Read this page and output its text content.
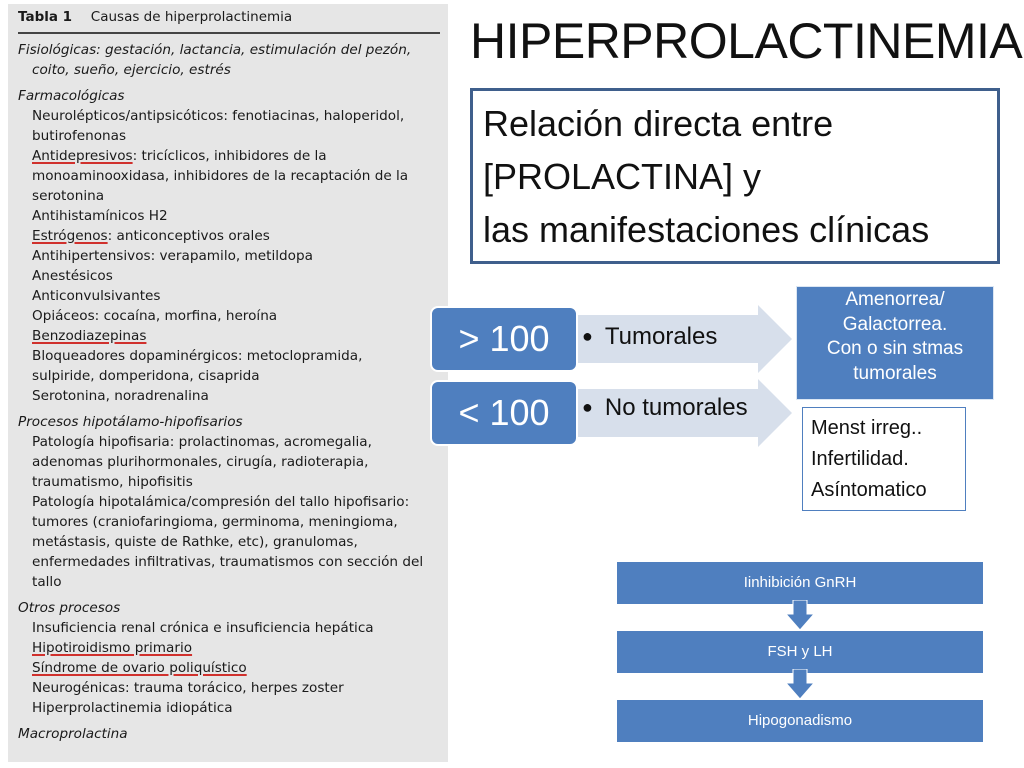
Tabla 1 Causas de hiperprolactinemia
Fisiológicas: gestación, lactancia, estimulación del pezón,
coito, sueño, ejercicio, estrés
Farmacológicas
Neurolépticos/antipsicóticos: fenotiacinas, haloperidol,
butirofenonas
Antidepresivos: tricíclicos, inhibidores de la
monoaminooxidasa, inhibidores de la recaptación de la
serotonina
Antihistamínicos H2
Estrógenos: anticonceptivos orales
Antihipertensivos: verapamilo, metildopa
Anestésicos
Anticonvulsivantes
Opiáceos: cocaína, morfina, heroína
Benzodiazepinas
Bloqueadores dopaminérgicos: metoclopramida,
sulpiride, domperidona, cisaprida
Serotonina, noradrenalina
Procesos hipotálamo-hipofisarios
Patología hipofisaria: prolactinomas, acromegalia,
adenomas plurihormonales, cirugía, radioterapia,
traumatismo, hipofisitis
Patología hipotalámica/compresión del tallo hipofisario:
tumores (craniofaringioma, germinoma, meningioma,
metástasis, quiste de Rathke, etc), granulomas,
enfermedades infiltrativas, traumatismos con sección del
tallo
Otros procesos
Insuficiencia renal crónica e insuficiencia hepática
Hipotiroidismo primario
Síndrome de ovario poliquístico
Neurogénicas: trauma torácico, herpes zoster
Hiperprolactinemia idiopática
Macroprolactina
HIPERPROLACTINEMIA
Relación directa entre
[PROLACTINA] y
las manifestaciones clínicas
> 100
< 100
● Tumorales
● No tumorales
Amenorrea/
Galactorrea.
Con o sin stmas
tumorales
Menst irreg..
Infertilidad.
Asíntomatico
Iinhibición GnRH
FSH y LH
Hipogonadismo
